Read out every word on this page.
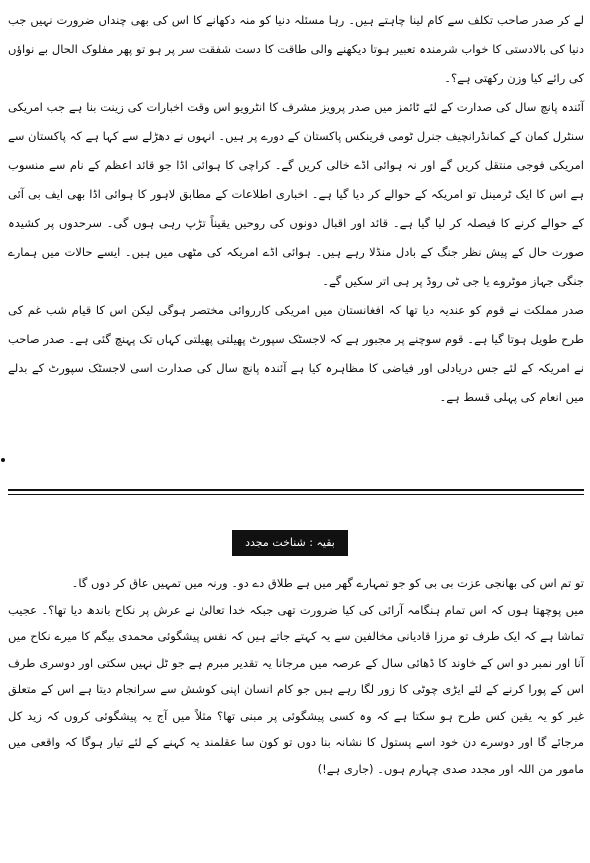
لے کر صدر صاحب تکلف سے کام لینا چاہتے ہیں۔ رہا مسئلہ دنیا کو منہ دکھانے کا اس کی بھی چنداں ضرورت نہیں جب دنیا کی بالادستی کا خواب شرمندہ تعبیر ہوتا دیکھنے والی طاقت کا دست شفقت سر پر ہو تو پھر مفلوک الحال بے نواؤں کی رائے کیا وزن رکھتی ہے؟۔

آئندہ پانچ سال کی صدارت کے لئے ٹائمز میں صدر پرویز مشرف کا انٹرویو اس وقت اخبارات کی زینت بنا ہے جب امریکی سنٹرل کمان کے کمانڈرانچیف جنرل ٹومی فرینکس پاکستان کے دورے پر ہیں۔ انہوں نے دھڑلے سے کہا ہے کہ پاکستان سے امریکی فوجی منتقل کریں گے اور نہ ہوائی اڈے خالی کریں گے۔ کراچی کا ہوائی اڈا جو قائد اعظم کے نام سے منسوب ہے اس کا ایک ٹرمینل تو امریکہ کے حوالے کر دیا گیا ہے۔ اخباری اطلاعات کے مطابق لاہور کا ہوائی اڈا بھی ایف بی آئی کے حوالے کرنے کا فیصلہ کر لیا گیا ہے۔ قائد اور اقبال دونوں کی روحیں یقیناً تڑپ رہی ہوں گی۔ سرحدوں پر کشیدہ صورت حال کے پیش نظر جنگ کے بادل منڈلا رہے ہیں۔ ہوائی اڈے امریکہ کی مٹھی میں ہیں۔ ایسے حالات میں ہمارے جنگی جہاز موٹروے یا جی ٹی روڈ پر ہی اتر سکیں گے۔

صدر مملکت نے قوم کو عندیہ دیا تھا کہ افغانستان میں امریکی کارروائی مختصر ہوگی لیکن اس کا قیام شب غم کی طرح طویل ہوتا گیا ہے۔ قوم سوچنے پر مجبور ہے کہ لاجسٹک سپورٹ پھیلتی پھیلتی کہاں تک پہنچ گئی ہے۔ صدر صاحب نے امریکہ کے لئے جس دریادلی اور فیاضی کا مظاہرہ کیا ہے آئندہ پانچ سال کی صدارت اسی لاجسٹک سپورٹ کے بدلے میں انعام کی پہلی قسط ہے۔

بقیہ : شناخت مجدد

تو تم اس کی بھانجی عزت بی بی کو جو تمہارے گھر میں ہے طلاق دے دو۔ ورنہ میں تمہیں عاق کر دوں گا۔

میں پوچھتا ہوں کہ اس تمام ہنگامہ آرائی کی کیا ضرورت تھی جبکہ خدا تعالیٰ نے عرش پر نکاح باندھ دیا تھا؟۔ عجیب تماشا ہے کہ ایک طرف تو مرزا قادیانی مخالفین سے یہ کہتے جاتے ہیں کہ نفس پیشگوئی محمدی بیگم کا میرے نکاح میں آنا اور نمبر دو اس کے خاوند کا ڈھائی سال کے عرصہ میں مرجانا یہ تقدیر مبرم ہے جو ٹل نہیں سکتی اور دوسری طرف اس کے پورا کرنے کے لئے ایڑی چوٹی کا زور لگا رہے ہیں جو کام انسان اپنی کوشش سے سرانجام دیتا ہے اس کے متعلق غیر کو یہ یقین کس طرح ہو سکتا ہے کہ وہ کسی پیشگوئی پر مبنی تھا؟ مثلاً میں آج یہ پیشگوئی کروں کہ زید کل مرجائے گا اور دوسرے دن خود اسے پستول کا نشانہ بنا دوں تو کون سا عقلمند یہ کہنے کے لئے تیار ہوگا کہ واقعی میں مامور من اللہ اور مجدد صدی چہارم ہوں۔ (جاری ہے!)
